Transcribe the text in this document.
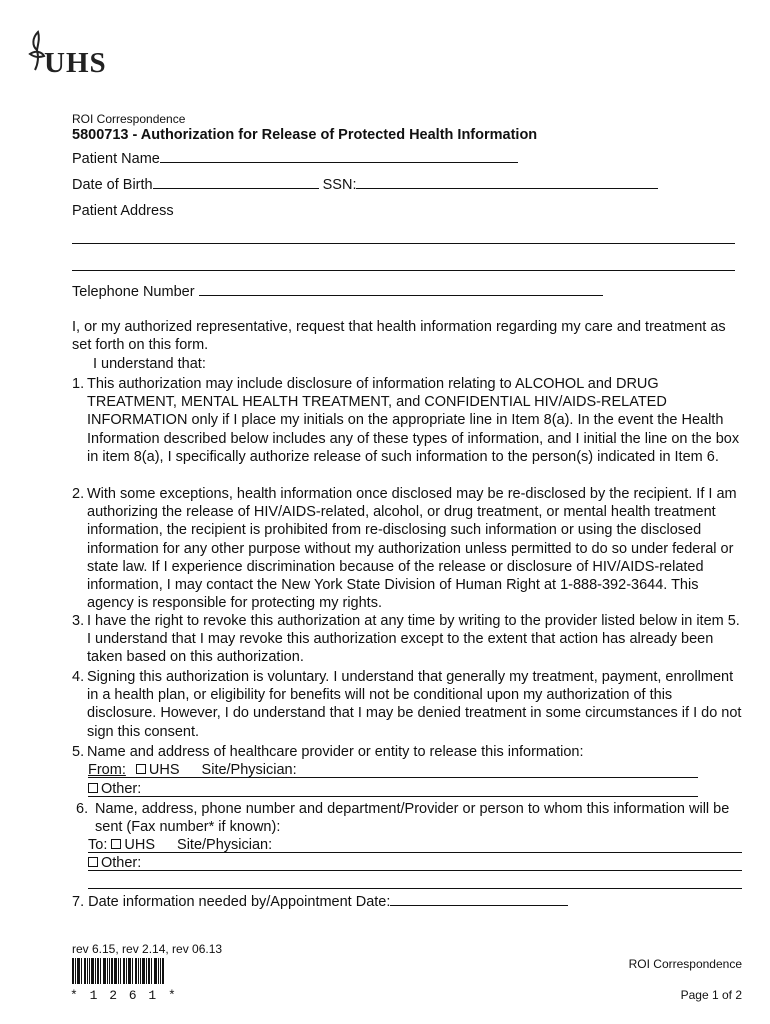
UHS
ROI Correspondence
5800713 - Authorization for Release of Protected Health Information
Patient Name
Date of Birth	SSN:
Patient Address
Telephone Number
I, or my authorized representative, request that health information regarding my care and treatment as set forth on this form.
I understand that:
1. This authorization may include disclosure of information relating to ALCOHOL and DRUG TREATMENT, MENTAL HEALTH TREATMENT, and CONFIDENTIAL HIV/AIDS-RELATED INFORMATION only if I place my initials on the appropriate line in Item 8(a). In the event the Health Information described below includes any of these types of information, and I initial the line on the box in item 8(a), I specifically authorize release of such information to the person(s) indicated in Item 6.

2. With some exceptions, health information once disclosed may be re-disclosed by the recipient. If I am authorizing the release of HIV/AIDS-related, alcohol, or drug treatment, or mental health treatment information, the recipient is prohibited from re-disclosing such information or using the disclosed information for any other purpose without my authorization unless permitted to do so under federal or state law. If I experience discrimination because of the release or disclosure of HIV/AIDS-related information, I may contact the New York State Division of Human Right at 1-888-392-3644. This agency is responsible for protecting my rights.

3. I have the right to revoke this authorization at any time by writing to the provider listed below in item 5. I understand that I may revoke this authorization except to the extent that action has already been taken based on this authorization.

4. Signing this authorization is voluntary. I understand that generally my treatment, payment, enrollment in a health plan, or eligibility for benefits will not be conditional upon my authorization of this disclosure. However, I do understand that I may be denied treatment in some circumstances if I do not sign this consent.

5. Name and address of healthcare provider or entity to release this information:

From: UHS Site/Physician:
Other:
6. Name, address, phone number and department/Provider or person to whom this information will be sent (Fax number* if known):

To: UHS Site/Physician:
Other:
7. Date information needed by/Appointment Date:
rev 6.15, rev 2.14, rev 06.13
* 1 2 6 1 *
ROI Correspondence
Page 1 of 2
